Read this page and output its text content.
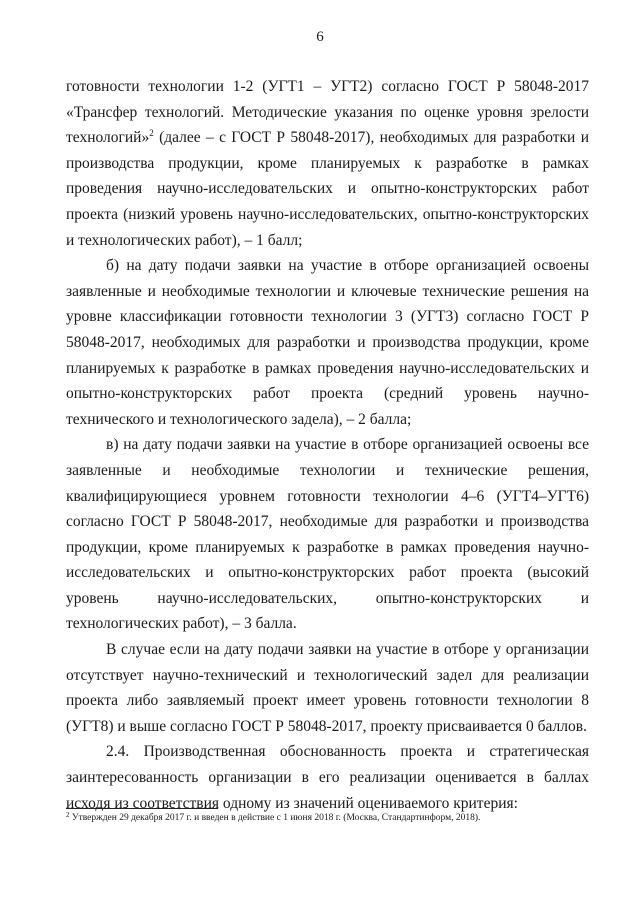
6

готовности технологии 1-2 (УГТ1 – УГТ2) согласно ГОСТ Р 58048-2017 «Трансфер технологий. Методические указания по оценке уровня зрелости технологий»$^2$ (далее – с ГОСТ Р 58048-2017), необходимых для разработки и производства продукции, кроме планируемых к разработке в рамках проведения научно-исследовательских и опытно-конструкторских работ проекта (низкий уровень научно-исследовательских, опытно-конструкторских и технологических работ), – 1 балл;

б) на дату подачи заявки на участие в отборе организацией освоены заявленные и необходимые технологии и ключевые технические решения на уровне классификации готовности технологии 3 (УГТ3) согласно ГОСТ Р 58048-2017, необходимых для разработки и производства продукции, кроме планируемых к разработке в рамках проведения научно-исследовательских и опытно-конструкторских работ проекта (средний уровень научно-технического и технологического задела), – 2 балла;

в) на дату подачи заявки на участие в отборе организацией освоены все заявленные и необходимые технологии и технические решения, квалифицирующиеся уровнем готовности технологии 4–6 (УГТ4–УГТ6) согласно ГОСТ Р 58048-2017, необходимые для разработки и производства продукции, кроме планируемых к разработке в рамках проведения научно-исследовательских и опытно-конструкторских работ проекта (высокий уровень научно-исследовательских, опытно-конструкторских и технологических работ), – 3 балла.

В случае если на дату подачи заявки на участие в отборе у организации отсутствует научно-технический и технологический задел для реализации проекта либо заявляемый проект имеет уровень готовности технологии 8 (УГТ8) и выше согласно ГОСТ Р 58048-2017, проекту присваивается 0 баллов.

2.4. Производственная обоснованность проекта и стратегическая заинтересованность организации в его реализации оценивается в баллах исходя из соответствия одному из значений оцениваемого критерия:

$^2$ Утвержден 29 декабря 2017 г. и введен в действие с 1 июня 2018 г. (Москва, Стандартинформ, 2018).
